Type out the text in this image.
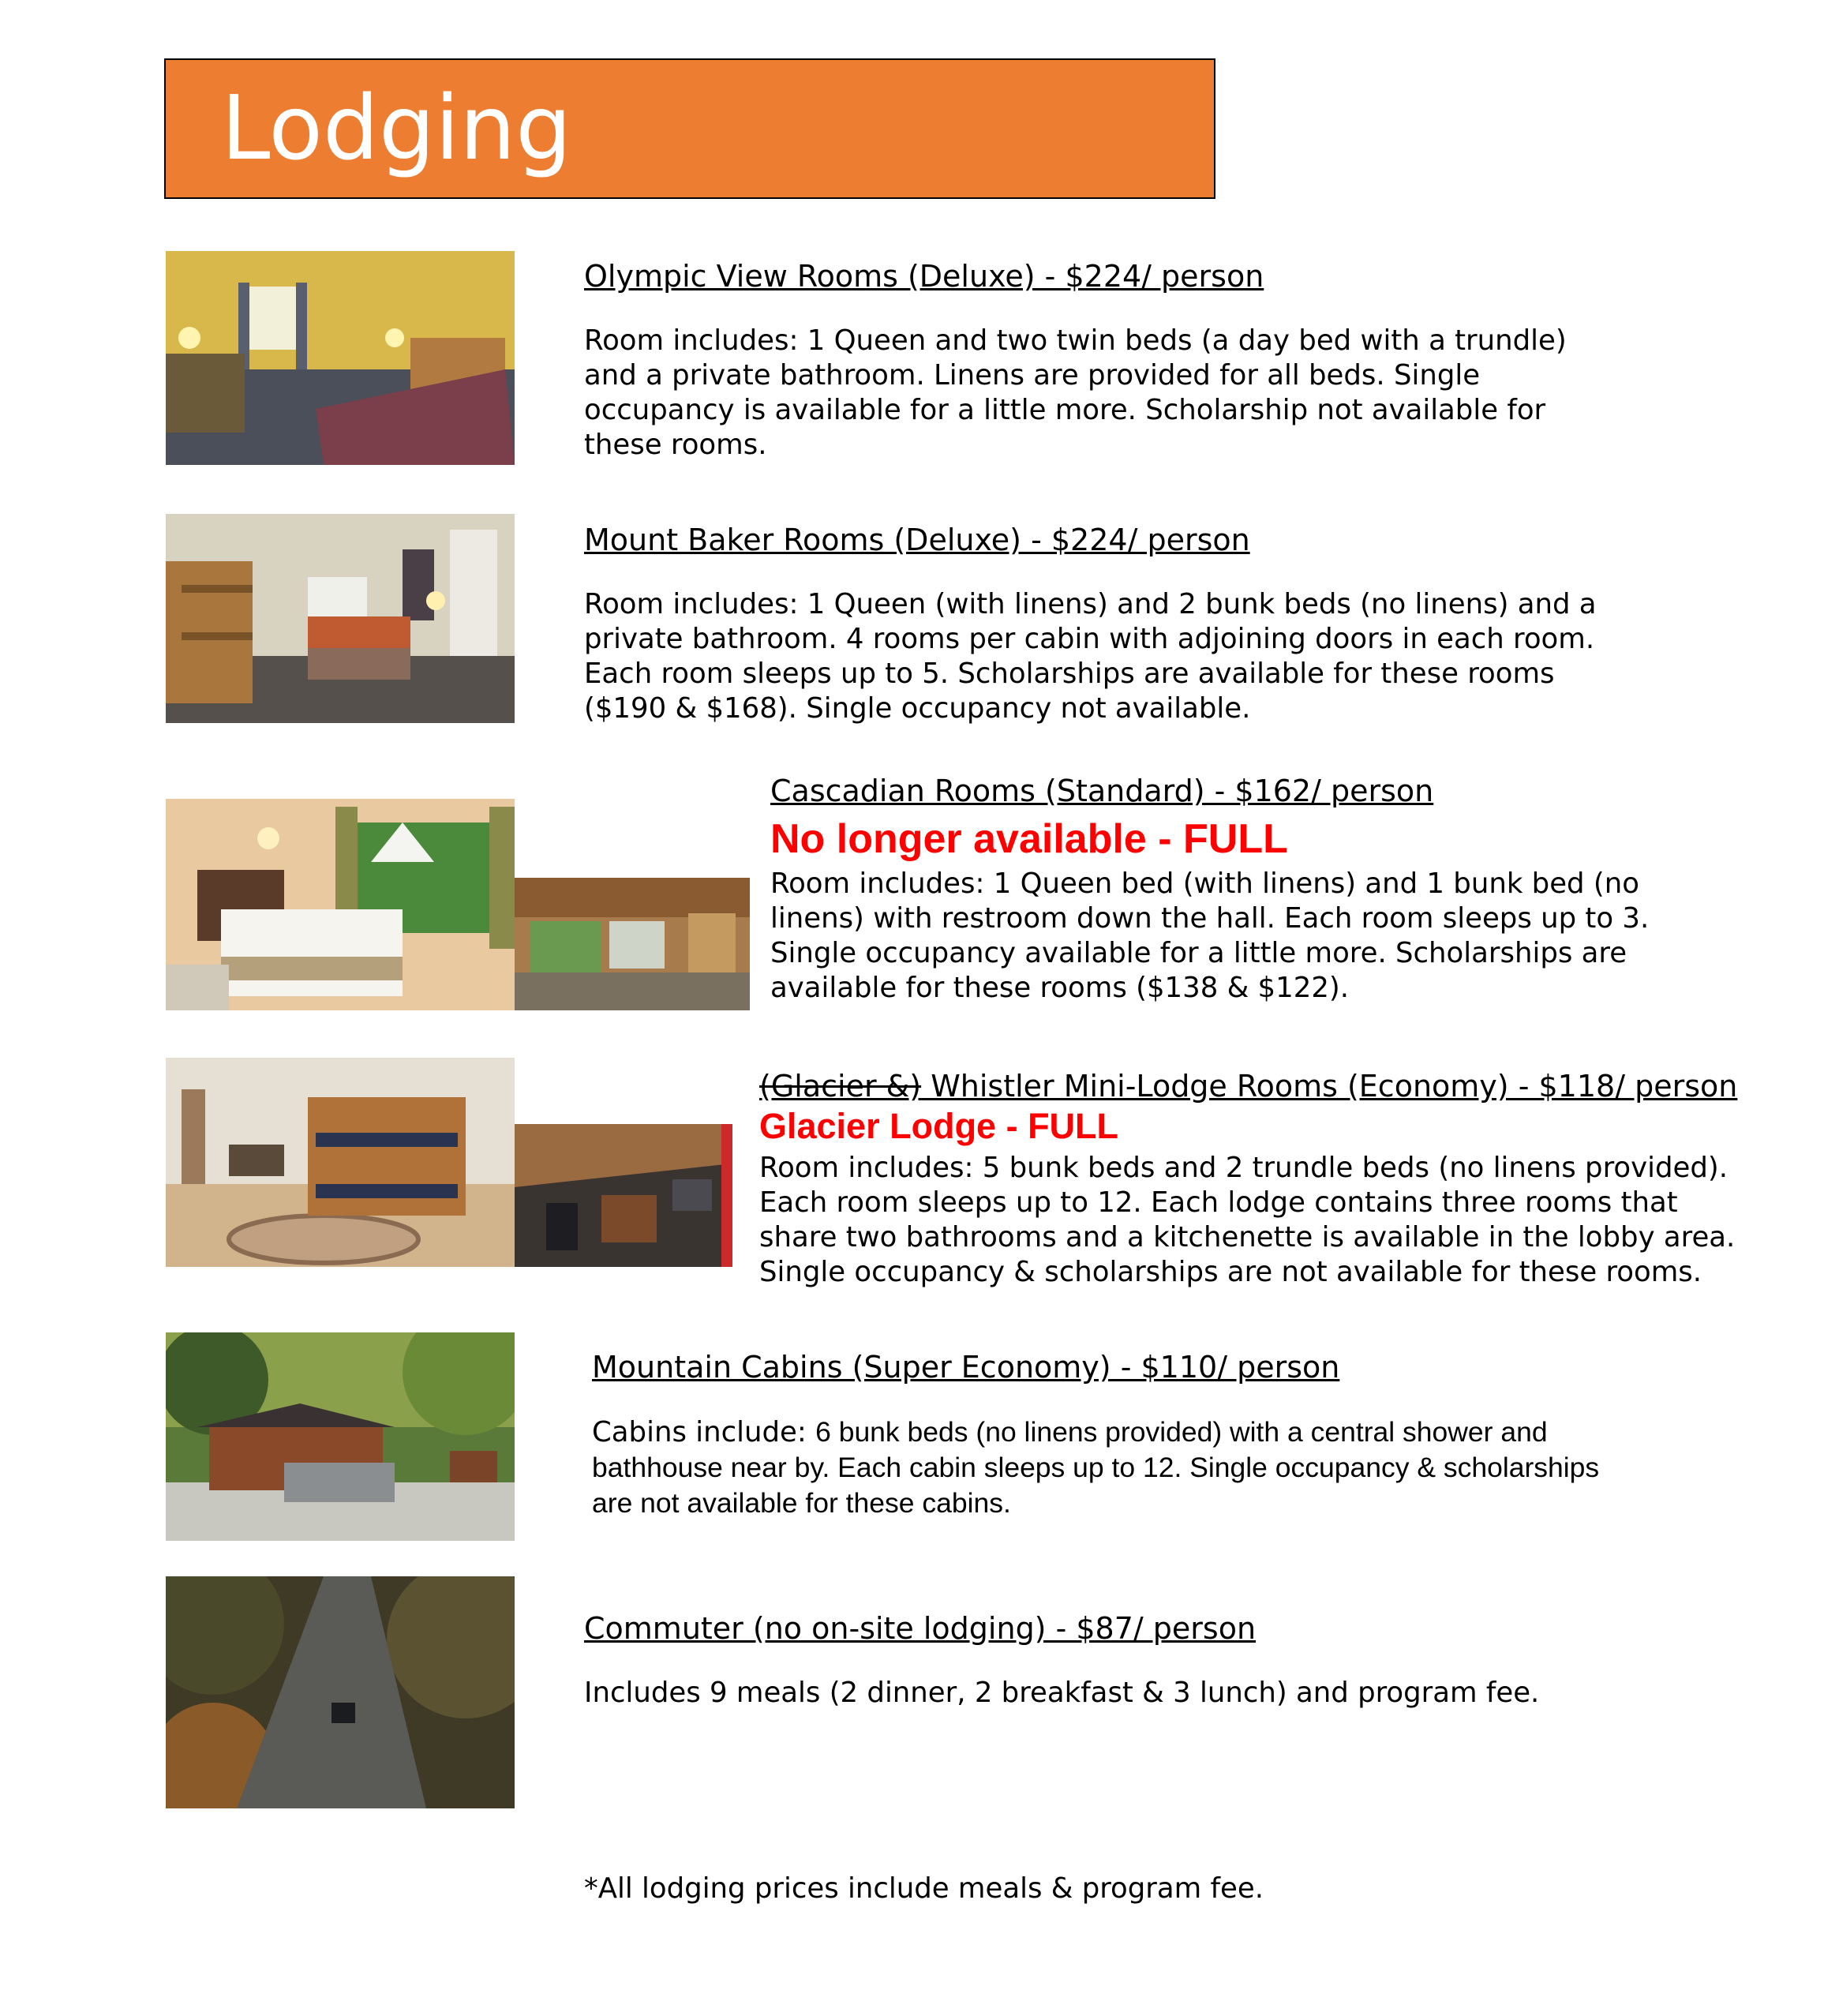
Lodging
Olympic View Rooms (Deluxe) - $224/ person
Room includes: 1 Queen and two twin beds (a day bed with a trundle) and a private bathroom. Linens are provided for all beds. Single occupancy is available for a little more. Scholarship not available for these rooms.
Mount Baker Rooms (Deluxe) - $224/ person
Room includes: 1 Queen (with linens) and 2 bunk beds (no linens) and a private bathroom. 4 rooms per cabin with adjoining doors in each room. Each room sleeps up to 5. Scholarships are available for these rooms ($190 & $168). Single occupancy not available.
Cascadian Rooms (Standard) - $162/ person
No longer available - FULL
Room includes: 1 Queen bed (with linens) and 1 bunk bed (no linens) with restroom down the hall. Each room sleeps up to 3. Single occupancy available for a little more. Scholarships are available for these rooms ($138 & $122).
(Glacier &) Whistler Mini-Lodge Rooms (Economy) - $118/ person
Glacier Lodge - FULL
Room includes: 5 bunk beds and 2 trundle beds (no linens provided). Each room sleeps up to 12. Each lodge contains three rooms that share two bathrooms and a kitchenette is available in the lobby area. Single occupancy & scholarships are not available for these rooms.
Mountain Cabins (Super Economy) - $110/ person
Cabins include: 6 bunk beds (no linens provided) with a central shower and bathhouse near by. Each cabin sleeps up to 12. Single occupancy & scholarships are not available for these cabins.
Commuter (no on-site lodging) - $87/ person
Includes 9 meals (2 dinner, 2 breakfast & 3 lunch) and program fee.
*All lodging prices include meals & program fee.
